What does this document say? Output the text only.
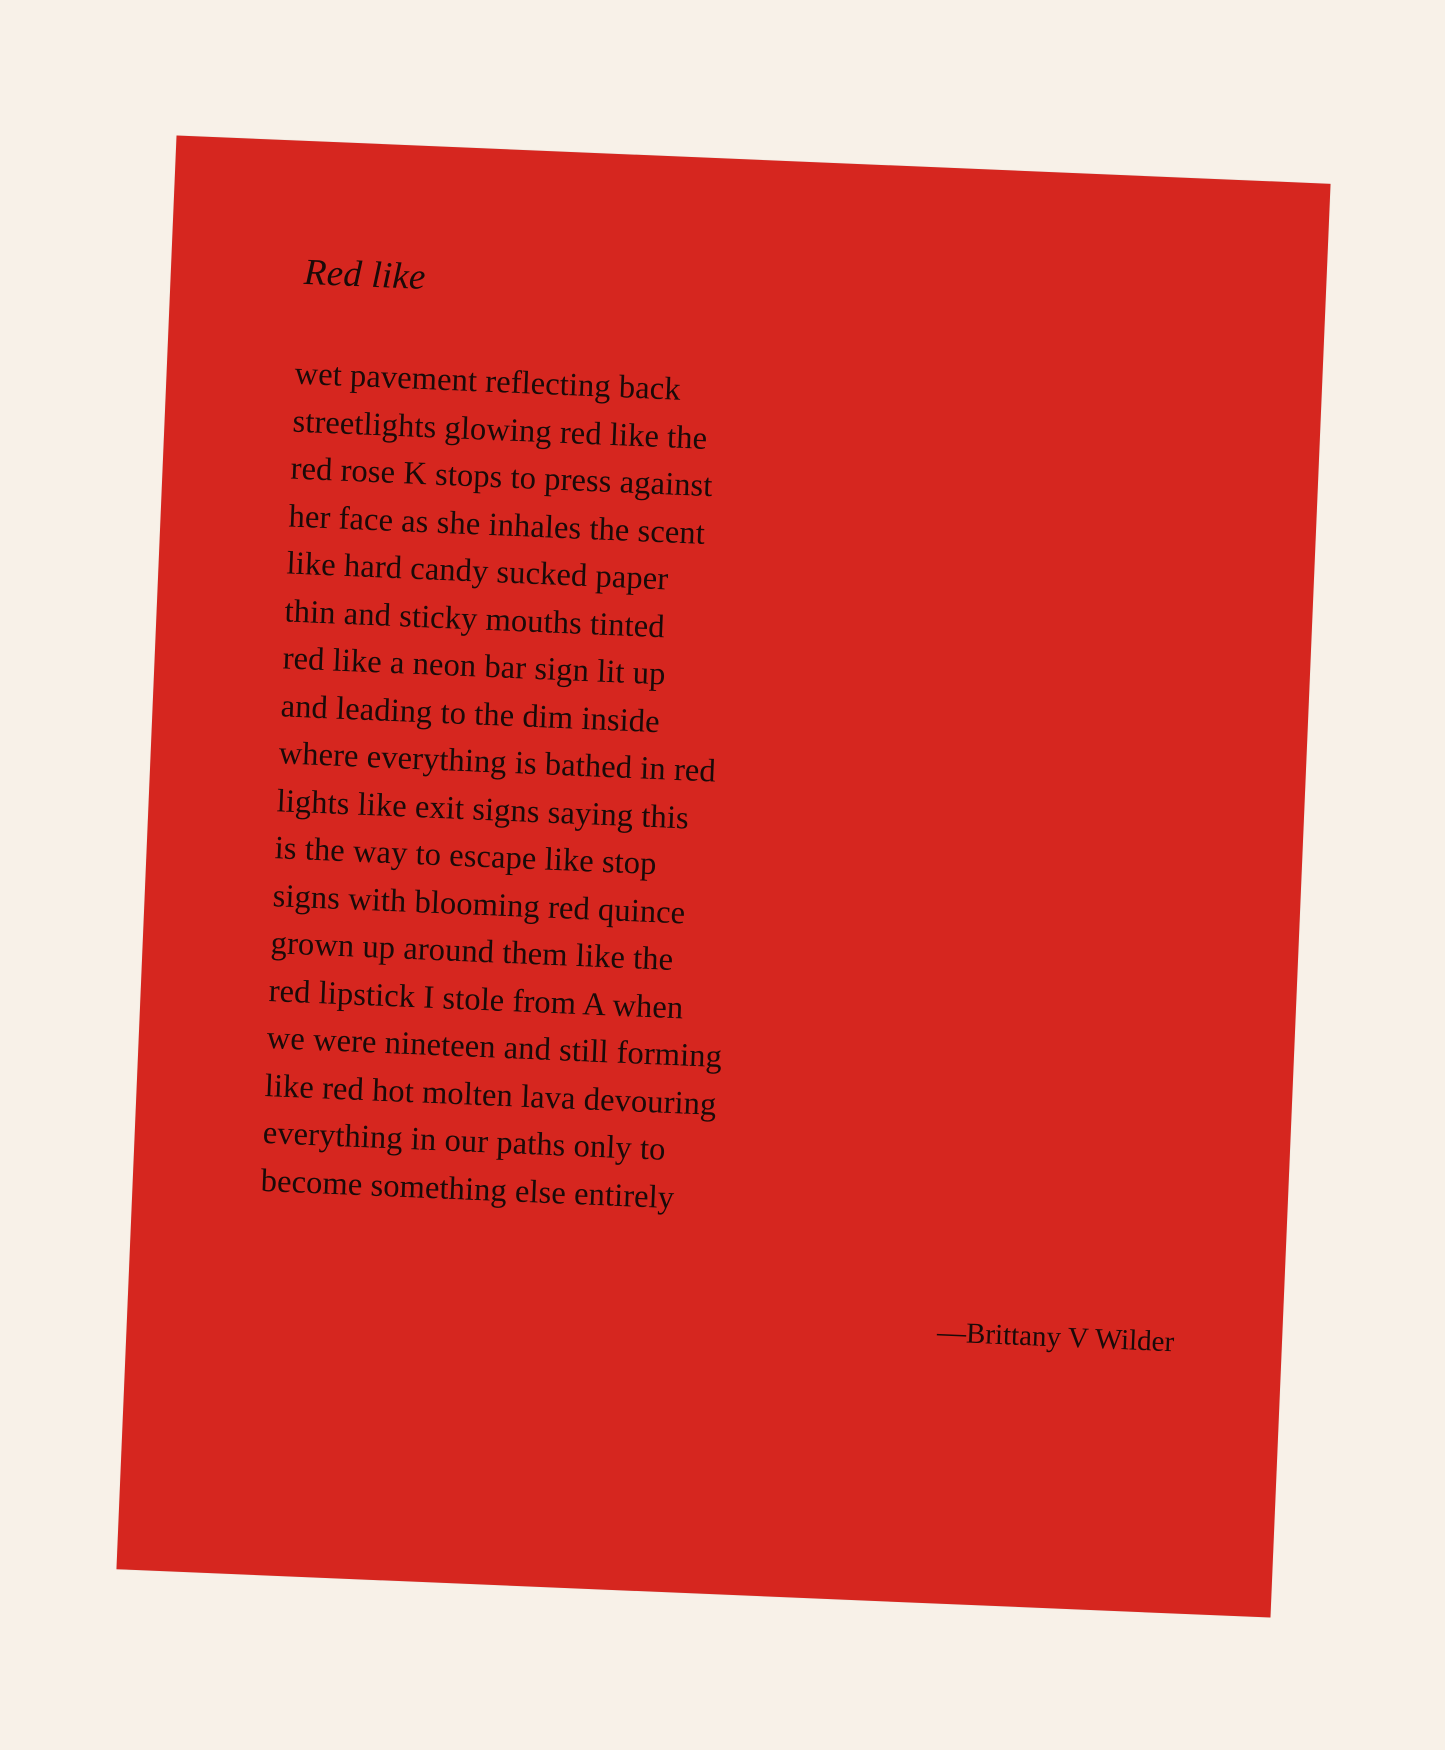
Red like
wet pavement reflecting back
streetlights glowing red like the
red rose K stops to press against
her face as she inhales the scent
like hard candy sucked paper
thin and sticky mouths tinted
red like a neon bar sign lit up
and leading to the dim inside
where everything is bathed in red
lights like exit signs saying this
is the way to escape like stop
signs with blooming red quince
grown up around them like the
red lipstick I stole from A when
we were nineteen and still forming
like red hot molten lava devouring
everything in our paths only to
become something else entirely

—Brittany V Wilder
